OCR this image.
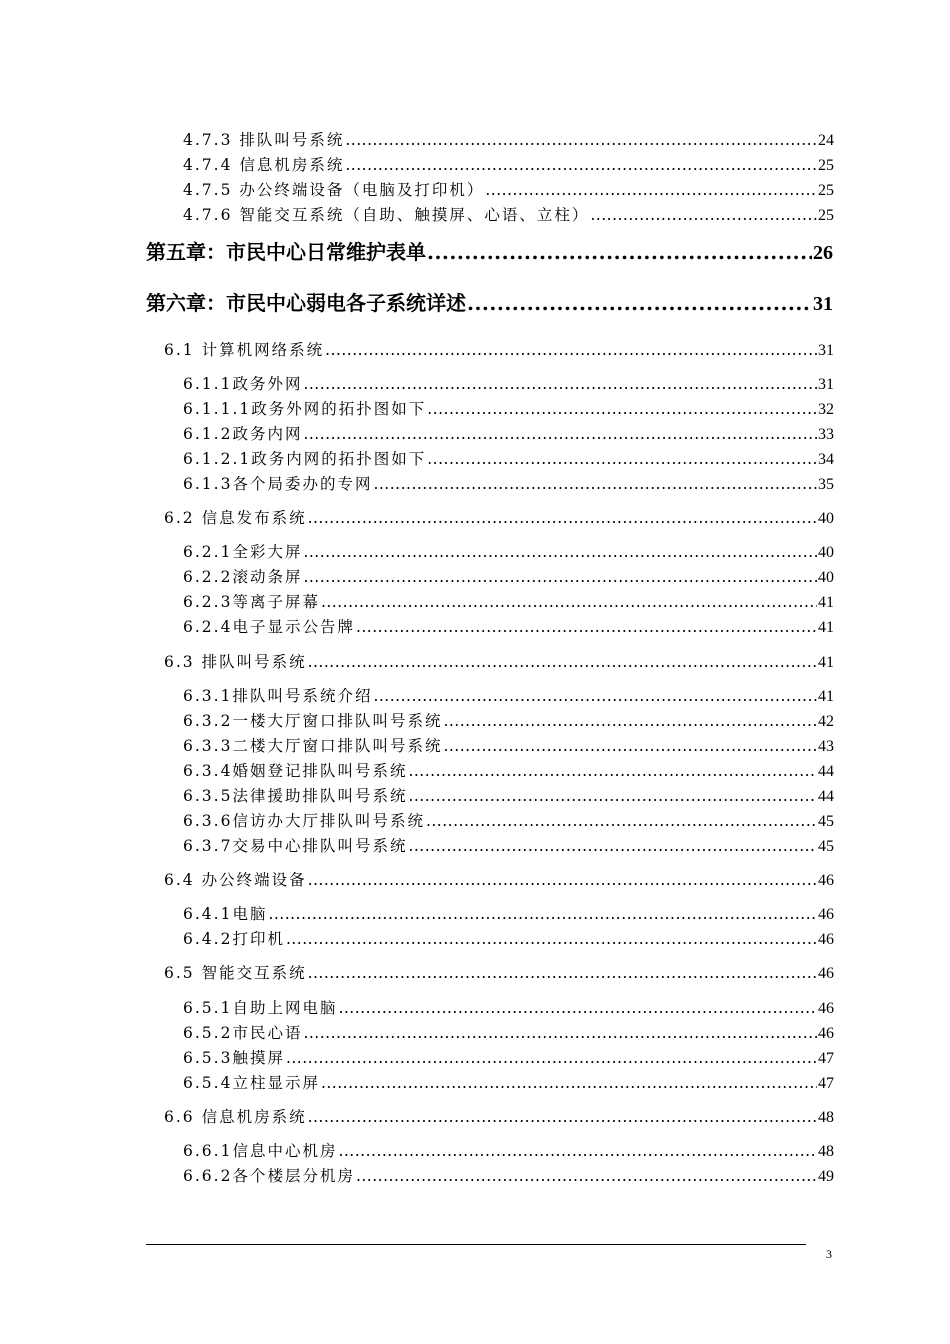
4.7.3 排队叫号系统 .....	24
4.7.4 信息机房系统 .....	25
4.7.5 办公终端设备（电脑及打印机） .....	25
4.7.6 智能交互系统（自助、触摸屏、心语、立柱） .....	25
第五章：市民中心日常维护表单 .....	26
第六章：市民中心弱电各子系统详述 .....	31
6.1 计算机网络系统 .....	31
6.1.1政务外网 .....	31
6.1.1.1政务外网的拓扑图如下 .....	32
6.1.2政务内网 .....	33
6.1.2.1政务内网的拓扑图如下 .....	34
6.1.3各个局委办的专网 .....	35
6.2 信息发布系统 .....	40
6.2.1全彩大屏 .....	40
6.2.2滚动条屏 .....	40
6.2.3等离子屏幕 .....	41
6.2.4电子显示公告牌 .....	41
6.3 排队叫号系统 .....	41
6.3.1排队叫号系统介绍 .....	41
6.3.2一楼大厅窗口排队叫号系统 .....	42
6.3.3二楼大厅窗口排队叫号系统 .....	43
6.3.4婚姻登记排队叫号系统 .....	44
6.3.5法律援助排队叫号系统 .....	44
6.3.6信访办大厅排队叫号系统 .....	45
6.3.7交易中心排队叫号系统 .....	45
6.4 办公终端设备 .....	46
6.4.1电脑 .....	46
6.4.2打印机 .....	46
6.5 智能交互系统 .....	46
6.5.1自助上网电脑 .....	46
6.5.2市民心语 .....	46
6.5.3触摸屏 .....	47
6.5.4立柱显示屏 .....	47
6.6 信息机房系统 .....	48
6.6.1信息中心机房 .....	48
6.6.2各个楼层分机房 .....	49
3
